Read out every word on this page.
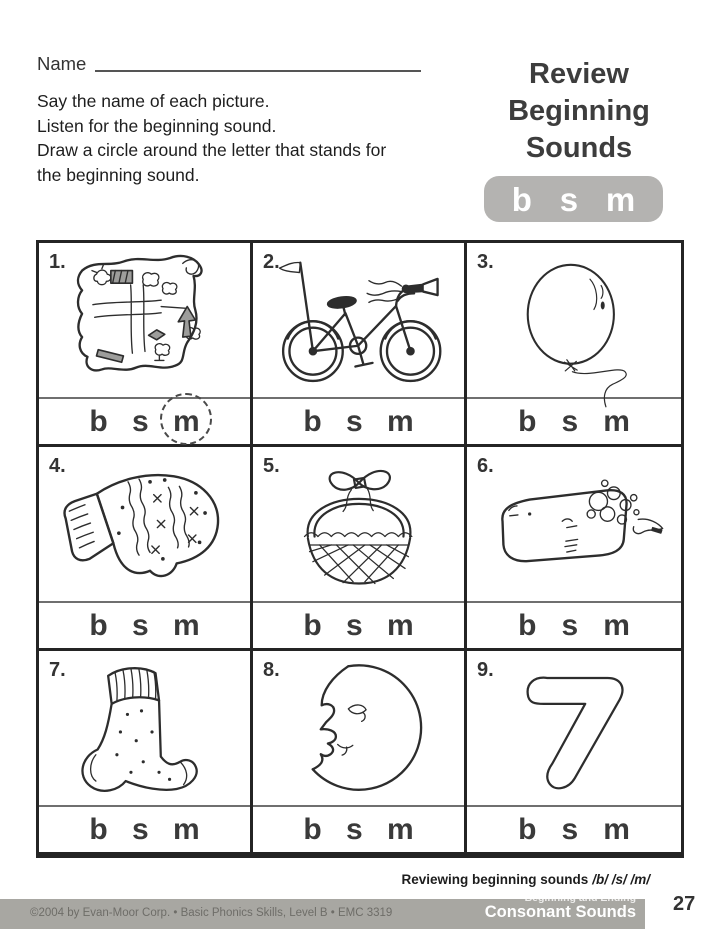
Name
Say the name of each picture.
Listen for the beginning sound.
Draw a circle around the letter that stands for
the beginning sound.
Review
Beginning
Sounds
b s m
1.
b s m
2.
b s m
3.
b s m
4.
b s m
5.
b s m
6.
b s m
7.
b s m
8.
b s m
9.
b s m
Reviewing beginning sounds /b/ /s/ /m/
©2004 by Evan-Moor Corp. • Basic Phonics Skills, Level B • EMC 3319
Beginning and Ending
Consonant Sounds 27
